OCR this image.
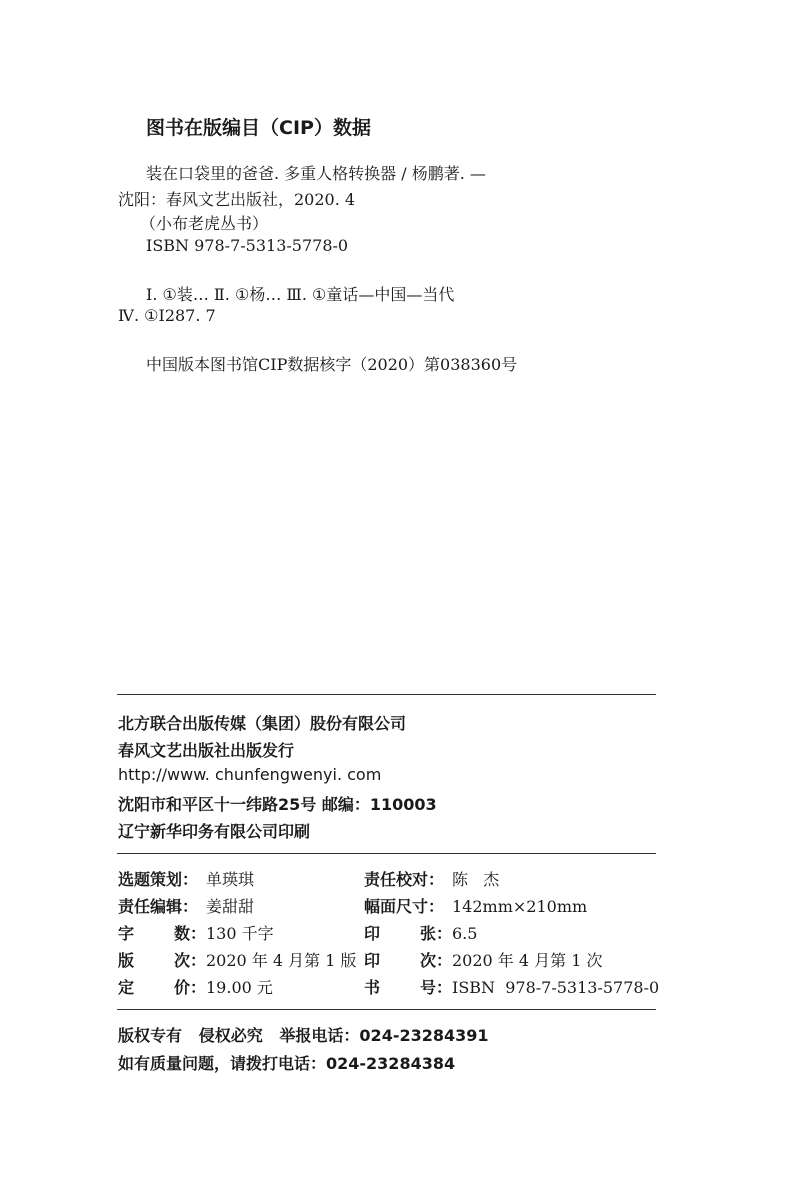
图书在版编目（CIP）数据
装在口袋里的爸爸. 多重人格转换器 / 杨鹏著. —
沈阳：春风文艺出版社，2020. 4
（小布老虎丛书）
ISBN 978-7-5313-5778-0
Ⅰ. ①装… Ⅱ. ①杨… Ⅲ. ①童话—中国—当代
Ⅳ. ①I287. 7
中国版本图书馆CIP数据核字（2020）第038360号
北方联合出版传媒（集团）股份有限公司
春风文艺出版社出版发行
http://www. chunfengwenyi. com
沈阳市和平区十一纬路25号 邮编：110003
辽宁新华印务有限公司印刷
选题策划 ： 单瑛琪	责任校对 ： 陈   杰
责任编辑 ： 姜甜甜	幅面尺寸 ： 142mm×210mm
字 数 ：	130 千字	印 张 ：	6.5
版 次 ：	2020 年 4 月第 1 版 印 次 ：	2020 年 4 月第 1 次
定 价 ：	19.00 元	书 号 ：	ISBN  978-7-5313-5778-0
版权专有   侵权必究   举报电话：024-23284391
如有质量问题，请拨打电话：024-23284384
